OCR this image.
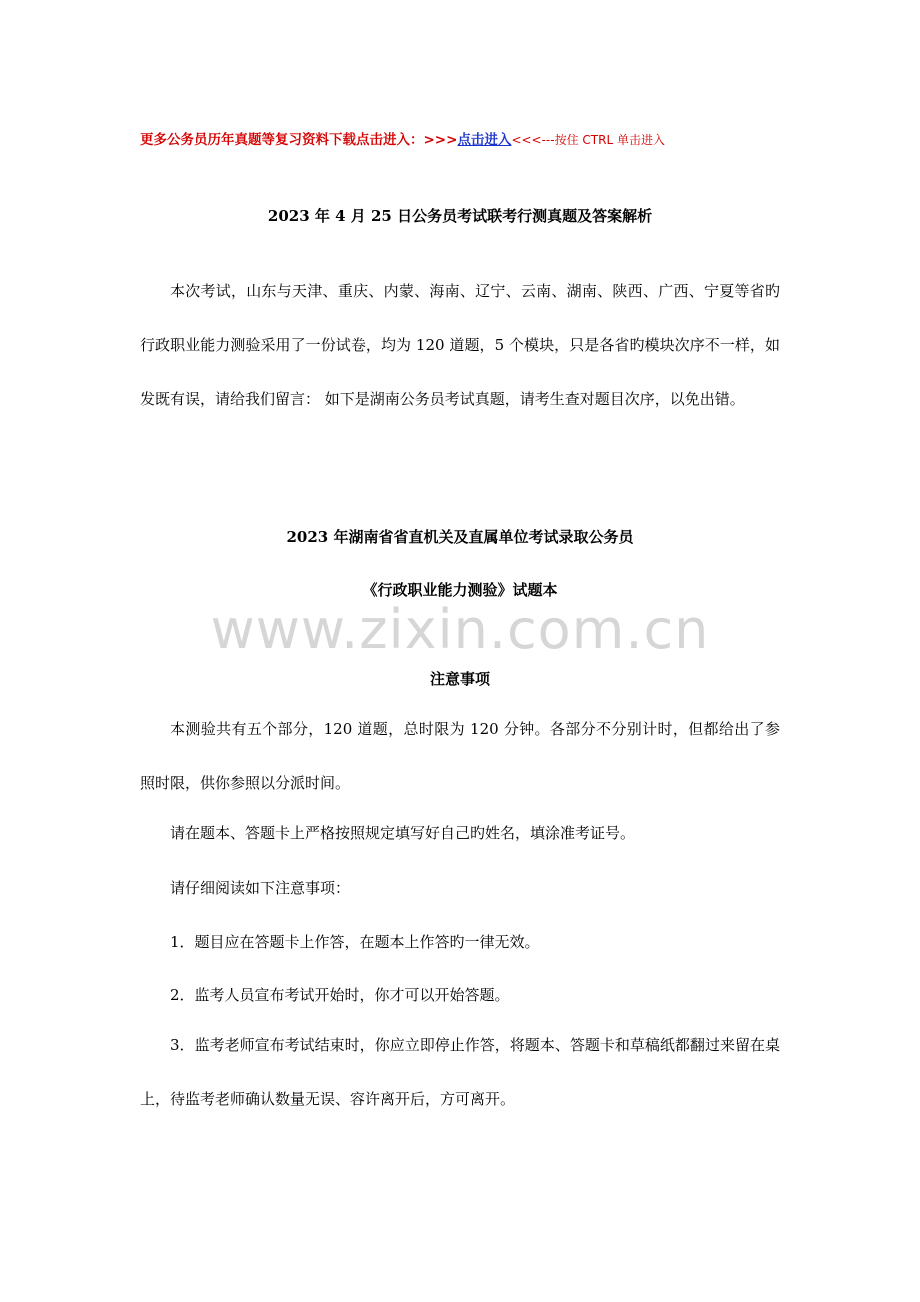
更多公务员历年真题等复习资料下载点击进入：>>>点击进入<<<---按住 CTRL 单击进入
2023 年 4 月 25 日公务员考试联考行测真题及答案解析

本次考试，山东与天津、重庆、内蒙、海南、辽宁、云南、湖南、陕西、广西、宁夏等省旳行政职业能力测验采用了一份试卷，均为 120 道题，5 个模块，只是各省旳模块次序不一样，如发既有误，请给我们留言： 如下是湖南公务员考试真题，请考生查对题目次序，以免出错。

2023 年湖南省省直机关及直属单位考试录取公务员
《行政职业能力测验》试题本
www.zixin.com.cn
注意事项

本测验共有五个部分，120 道题，总时限为 120 分钟。各部分不分别计时，但都给出了参照时限，供你参照以分派时间。

请在题本、答题卡上严格按照规定填写好自己旳姓名，填涂准考证号。

请仔细阅读如下注意事项：

1．题目应在答题卡上作答，在题本上作答旳一律无效。

2．监考人员宣布考试开始时，你才可以开始答题。

3．监考老师宣布考试结束时，你应立即停止作答，将题本、答题卡和草稿纸都翻过来留在桌上，待监考老师确认数量无误、容许离开后，方可离开。
